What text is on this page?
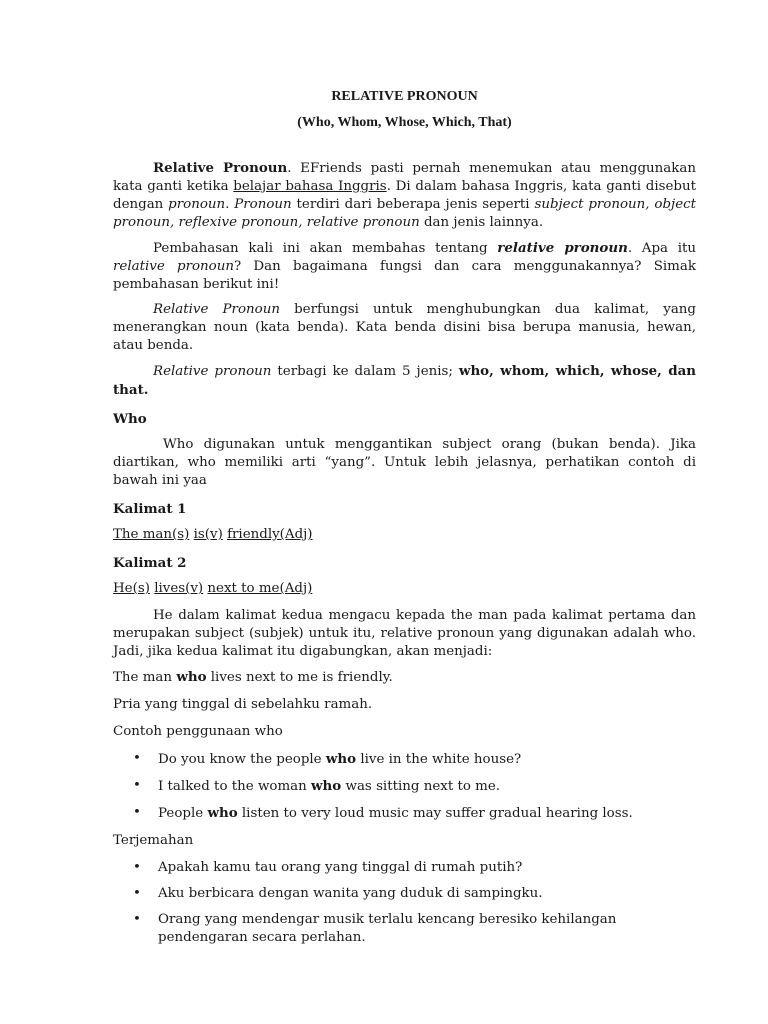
RELATIVE PRONOUN

(Who, Whom, Whose, Which, That)

Relative Pronoun. EFriends pasti pernah menemukan atau menggunakan kata ganti ketika belajar bahasa Inggris. Di dalam bahasa Inggris, kata ganti disebut dengan pronoun. Pronoun terdiri dari beberapa jenis seperti subject pronoun, object pronoun, reflexive pronoun, relative pronoun dan jenis lainnya.

Pembahasan kali ini akan membahas tentang relative pronoun. Apa itu relative pronoun? Dan bagaimana fungsi dan cara menggunakannya? Simak pembahasan berikut ini!

Relative Pronoun berfungsi untuk menghubungkan dua kalimat, yang menerangkan noun (kata benda). Kata benda disini bisa berupa manusia, hewan, atau benda.

Relative pronoun terbagi ke dalam 5 jenis; who, whom, which, whose, dan that.

Who

Who digunakan untuk menggantikan subject orang (bukan benda). Jika diartikan, who memiliki arti “yang”. Untuk lebih jelasnya, perhatikan contoh di bawah ini yaa

Kalimat 1

The man(s) is(v) friendly(Adj)

Kalimat 2

He(s) lives(v) next to me(Adj)

He dalam kalimat kedua mengacu kepada the man pada kalimat pertama dan merupakan subject (subjek) untuk itu, relative pronoun yang digunakan adalah who. Jadi, jika kedua kalimat itu digabungkan, akan menjadi:

The man who lives next to me is friendly.

Pria yang tinggal di sebelahku ramah.

Contoh penggunaan who

• Do you know the people who live in the white house?
• I talked to the woman who was sitting next to me.
• People who listen to very loud music may suffer gradual hearing loss.

Terjemahan

• Apakah kamu tau orang yang tinggal di rumah putih?
• Aku berbicara dengan wanita yang duduk di sampingku.
• Orang yang mendengar musik terlalu kencang beresiko kehilangan pendengaran secara perlahan.
